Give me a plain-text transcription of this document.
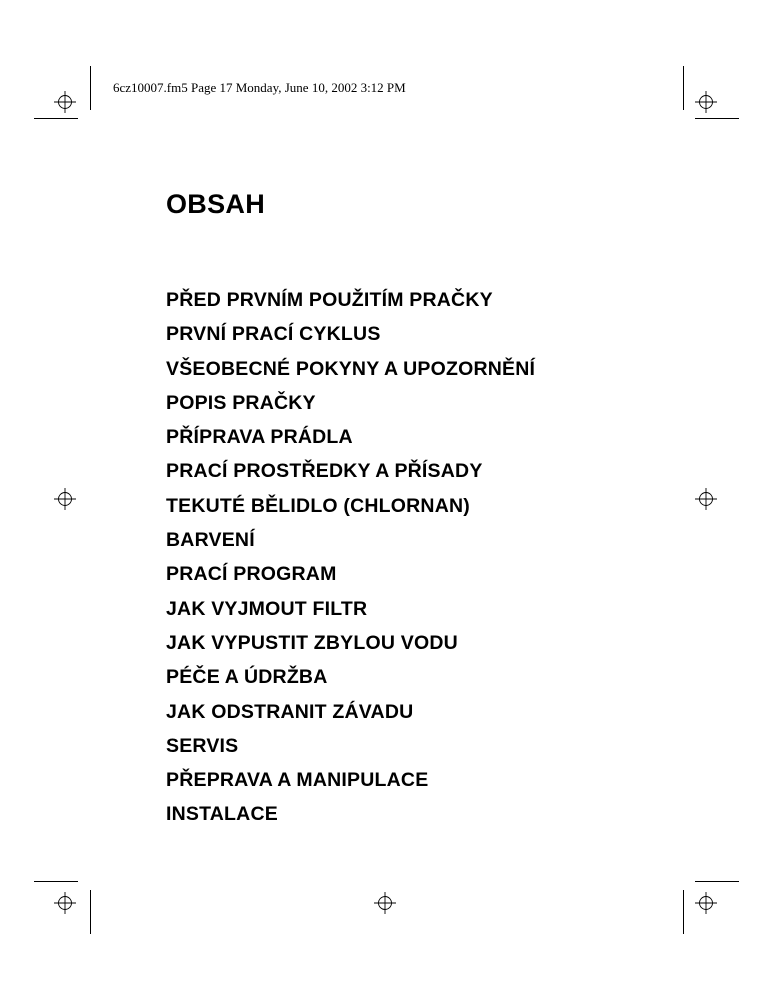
6cz10007.fm5 Page 17 Monday, June 10, 2002 3:12 PM
OBSAH
PŘED PRVNÍM POUŽITÍM PRAČKY
PRVNÍ PRACÍ CYKLUS
VŠEOBECNÉ POKYNY A UPOZORNĚNÍ
POPIS PRAČKY
PŘÍPRAVA PRÁDLA
PRACÍ PROSTŘEDKY A PŘÍSADY
TEKUTÉ BĚLIDLO (CHLORNAN)
BARVENÍ
PRACÍ PROGRAM
JAK VYJMOUT FILTR
JAK VYPUSTIT ZBYLOU VODU
PÉČE A ÚDRŽBA
JAK ODSTRANIT ZÁVADU
SERVIS
PŘEPRAVA A MANIPULACE
INSTALACE
